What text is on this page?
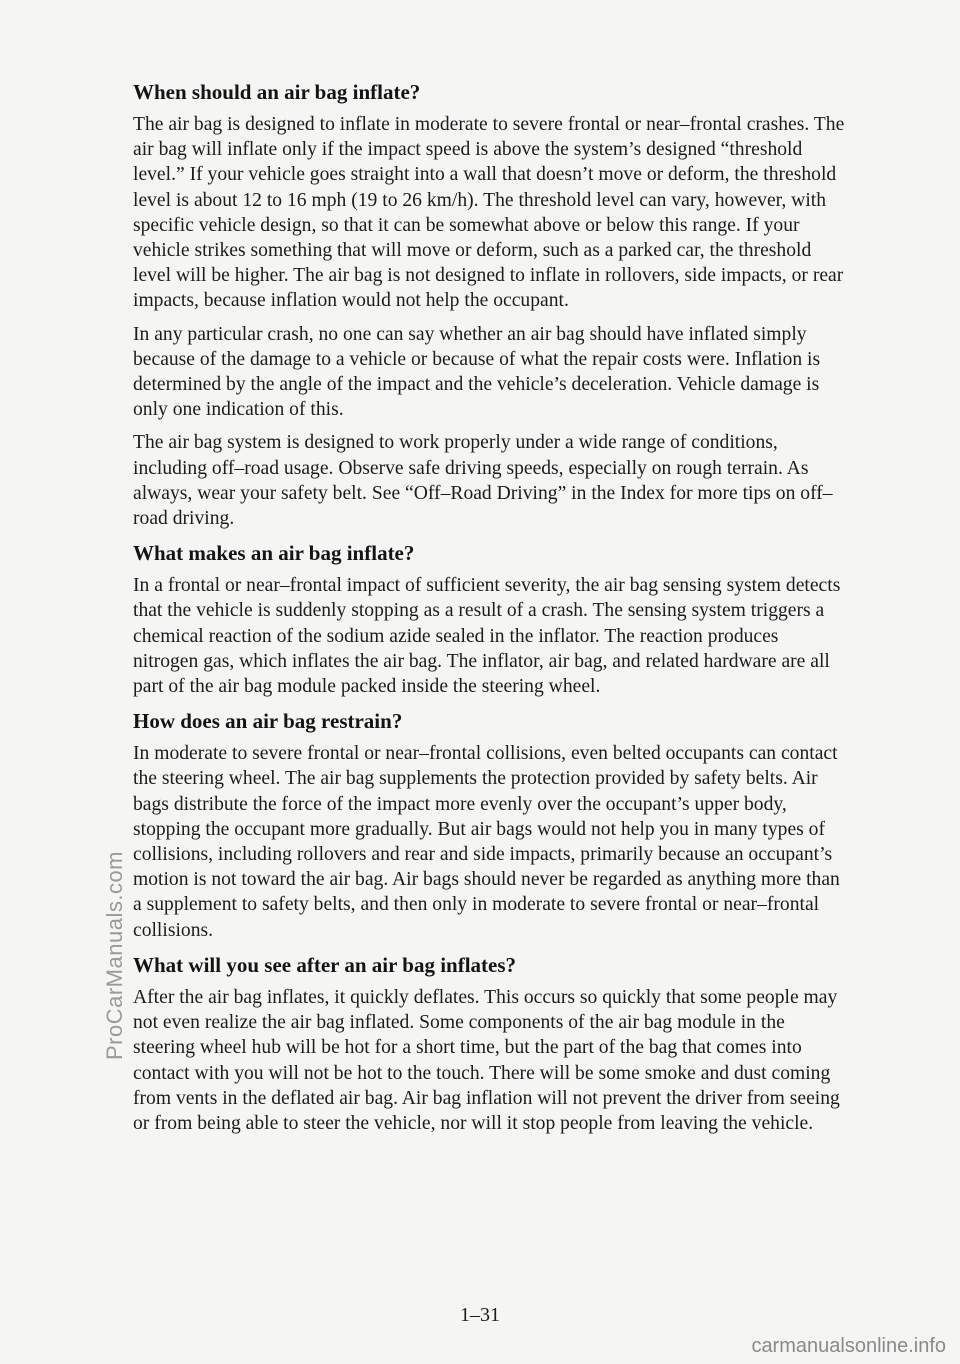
When should an air bag inflate?

The air bag is designed to inflate in moderate to severe frontal or near–frontal crashes. The air bag will inflate only if the impact speed is above the system’s designed “threshold level.” If your vehicle goes straight into a wall that doesn’t move or deform, the threshold level is about 12 to 16 mph (19 to 26 km/h). The threshold level can vary, however, with specific vehicle design, so that it can be somewhat above or below this range. If your vehicle strikes something that will move or deform, such as a parked car, the threshold level will be higher. The air bag is not designed to inflate in rollovers, side impacts, or rear impacts, because inflation would not help the occupant.

In any particular crash, no one can say whether an air bag should have inflated simply because of the damage to a vehicle or because of what the repair costs were. Inflation is determined by the angle of the impact and the vehicle’s deceleration. Vehicle damage is only one indication of this.

The air bag system is designed to work properly under a wide range of conditions, including off–road usage. Observe safe driving speeds, especially on rough terrain. As always, wear your safety belt. See “Off–Road Driving” in the Index for more tips on off–road driving.

What makes an air bag inflate?

In a frontal or near–frontal impact of sufficient severity, the air bag sensing system detects that the vehicle is suddenly stopping as a result of a crash. The sensing system triggers a chemical reaction of the sodium azide sealed in the inflator. The reaction produces nitrogen gas, which inflates the air bag. The inflator, air bag, and related hardware are all part of the air bag module packed inside the steering wheel.

How does an air bag restrain?

In moderate to severe frontal or near–frontal collisions, even belted occupants can contact the steering wheel. The air bag supplements the protection provided by safety belts. Air bags distribute the force of the impact more evenly over the occupant’s upper body, stopping the occupant more gradually. But air bags would not help you in many types of collisions, including rollovers and rear and side impacts, primarily because an occupant’s motion is not toward the air bag. Air bags should never be regarded as anything more than a supplement to safety belts, and then only in moderate to severe frontal or near–frontal collisions.

What will you see after an air bag inflates?

After the air bag inflates, it quickly deflates. This occurs so quickly that some people may not even realize the air bag inflated. Some components of the air bag module in the steering wheel hub will be hot for a short time, but the part of the bag that comes into contact with you will not be hot to the touch. There will be some smoke and dust coming from vents in the deflated air bag. Air bag inflation will not prevent the driver from seeing or from being able to steer the vehicle, nor will it stop people from leaving the vehicle.

ProCarManuals.com
1–31
carmanualsonline.info
